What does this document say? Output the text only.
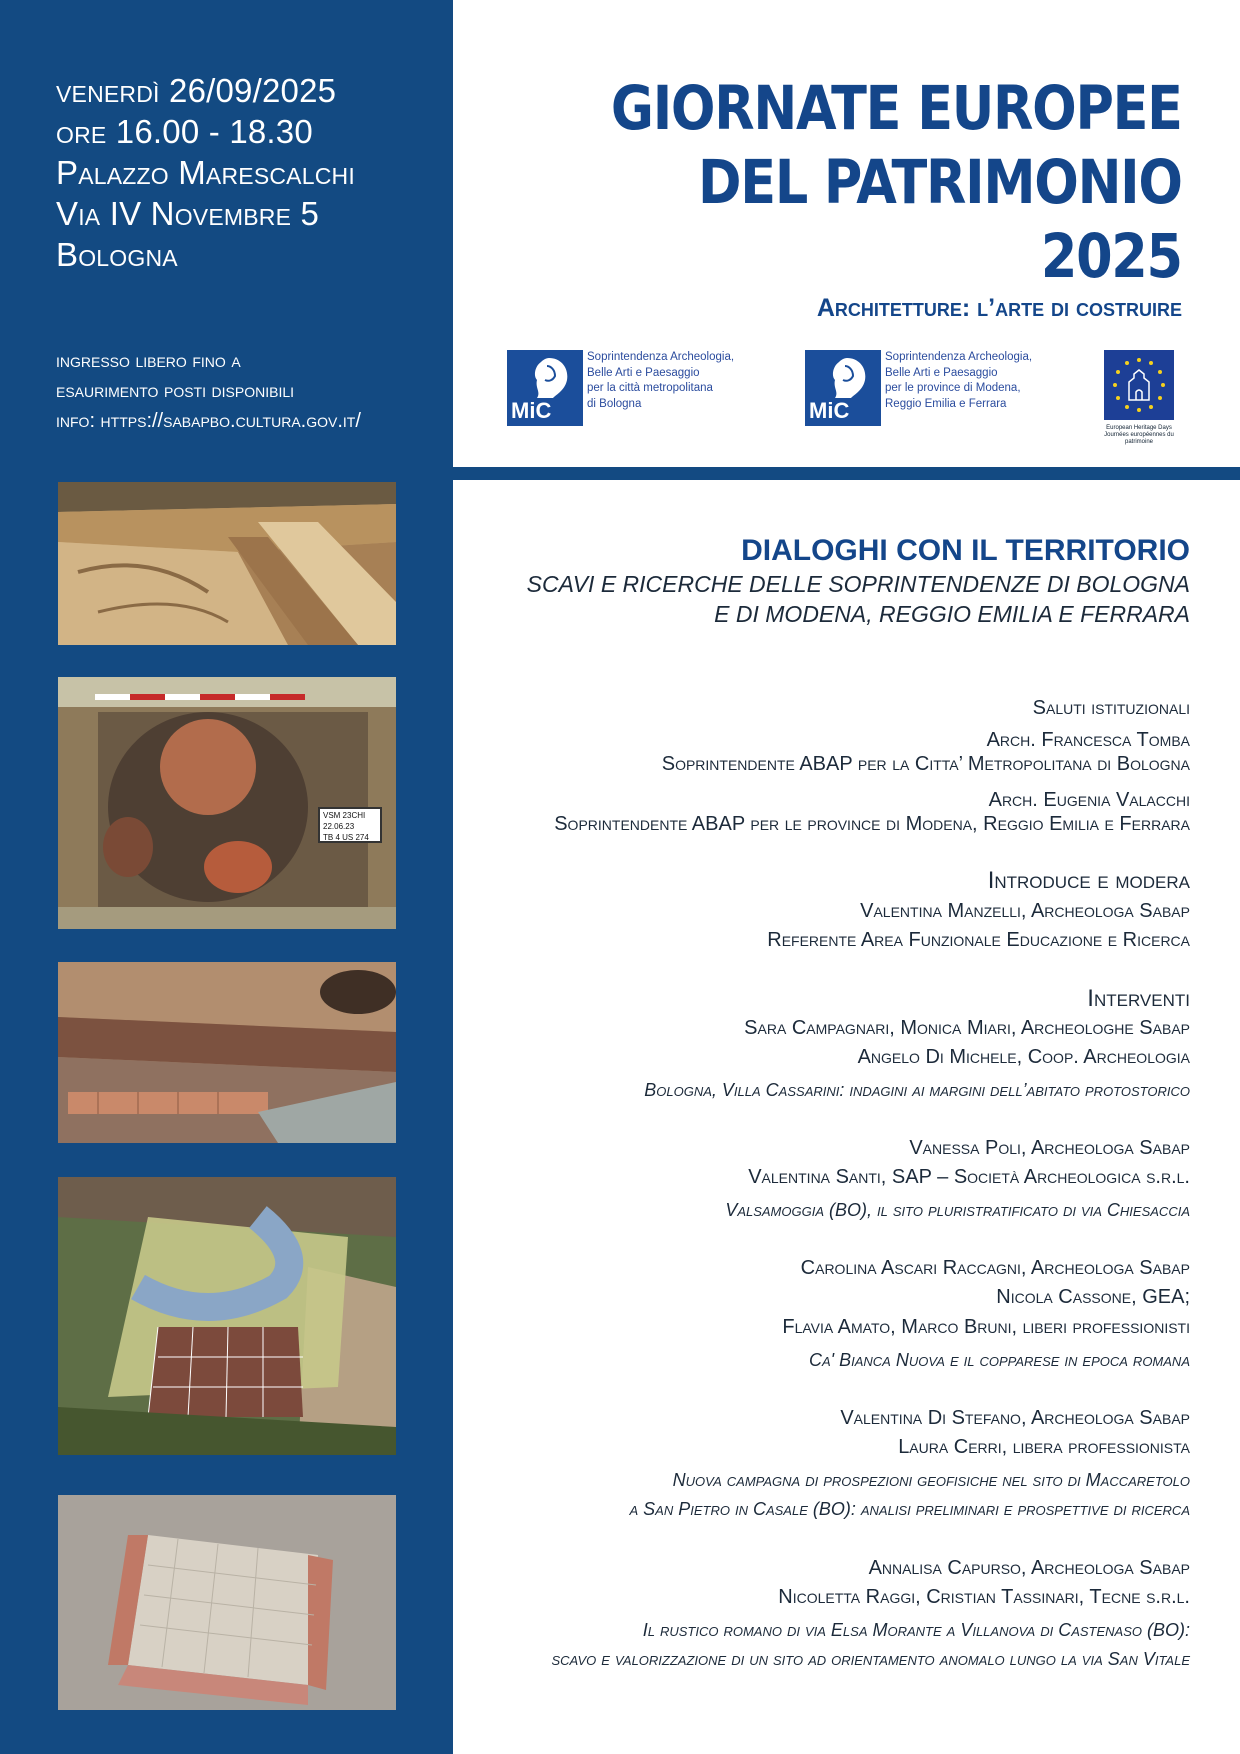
venerdì 26/09/2025
ore 16.00 - 18.30
Palazzo Marescalchi
Via IV Novembre 5
Bologna
ingresso libero fino a
esaurimento posti disponibili
info: https://sabapbo.cultura.gov.it/
VSM 23CHI
22.06.23
TB 4 US 274
GIORNATE EUROPEE
DEL PATRIMONIO
2025
Architetture: l’arte di costruire
MiC
Soprintendenza Archeologia,
Belle Arti e Paesaggio
per la città metropolitana
di Bologna	MiC
Soprintendenza Archeologia,
Belle Arti e Paesaggio
per le province di Modena,
Reggio Emilia e Ferrara
European Heritage Days
Journées européennes du patrimoine
DIALOGHI CON IL TERRITORIO
SCAVI E RICERCHE DELLE SOPRINTENDENZE DI BOLOGNA
E DI MODENA, REGGIO EMILIA E FERRARA
Saluti istituzionali
Arch. Francesca Tomba
Soprintendente ABAP per la Citta’ Metropolitana di Bologna
Arch. Eugenia Valacchi
Soprintendente ABAP per le province di Modena, Reggio Emilia e Ferrara
Introduce e modera
Valentina Manzelli, Archeologa Sabap
Referente Area Funzionale Educazione e Ricerca
Interventi
Sara Campagnari, Monica Miari, Archeologhe Sabap
Angelo Di Michele, Coop. Archeologia
Bologna, Villa Cassarini: indagini ai margini dell’abitato protostorico
Vanessa Poli, Archeologa Sabap
Valentina Santi, SAP – Società Archeologica s.r.l.
Valsamoggia (BO), il sito pluristratificato di via Chiesaccia
Carolina Ascari Raccagni, Archeologa Sabap
Nicola Cassone, GEA;
Flavia Amato, Marco Bruni, liberi professionisti
Ca' Bianca Nuova e il copparese in epoca romana
Valentina Di Stefano, Archeologa Sabap
Laura Cerri, libera professionista
Nuova campagna di prospezioni geofisiche nel sito di Maccaretolo
a San Pietro in Casale (BO): analisi preliminari e prospettive di ricerca
Annalisa Capurso, Archeologa Sabap
Nicoletta Raggi, Cristian Tassinari, Tecne s.r.l.
Il rustico romano di via Elsa Morante a Villanova di Castenaso (BO):
scavo e valorizzazione di un sito ad orientamento anomalo lungo la via San Vitale
